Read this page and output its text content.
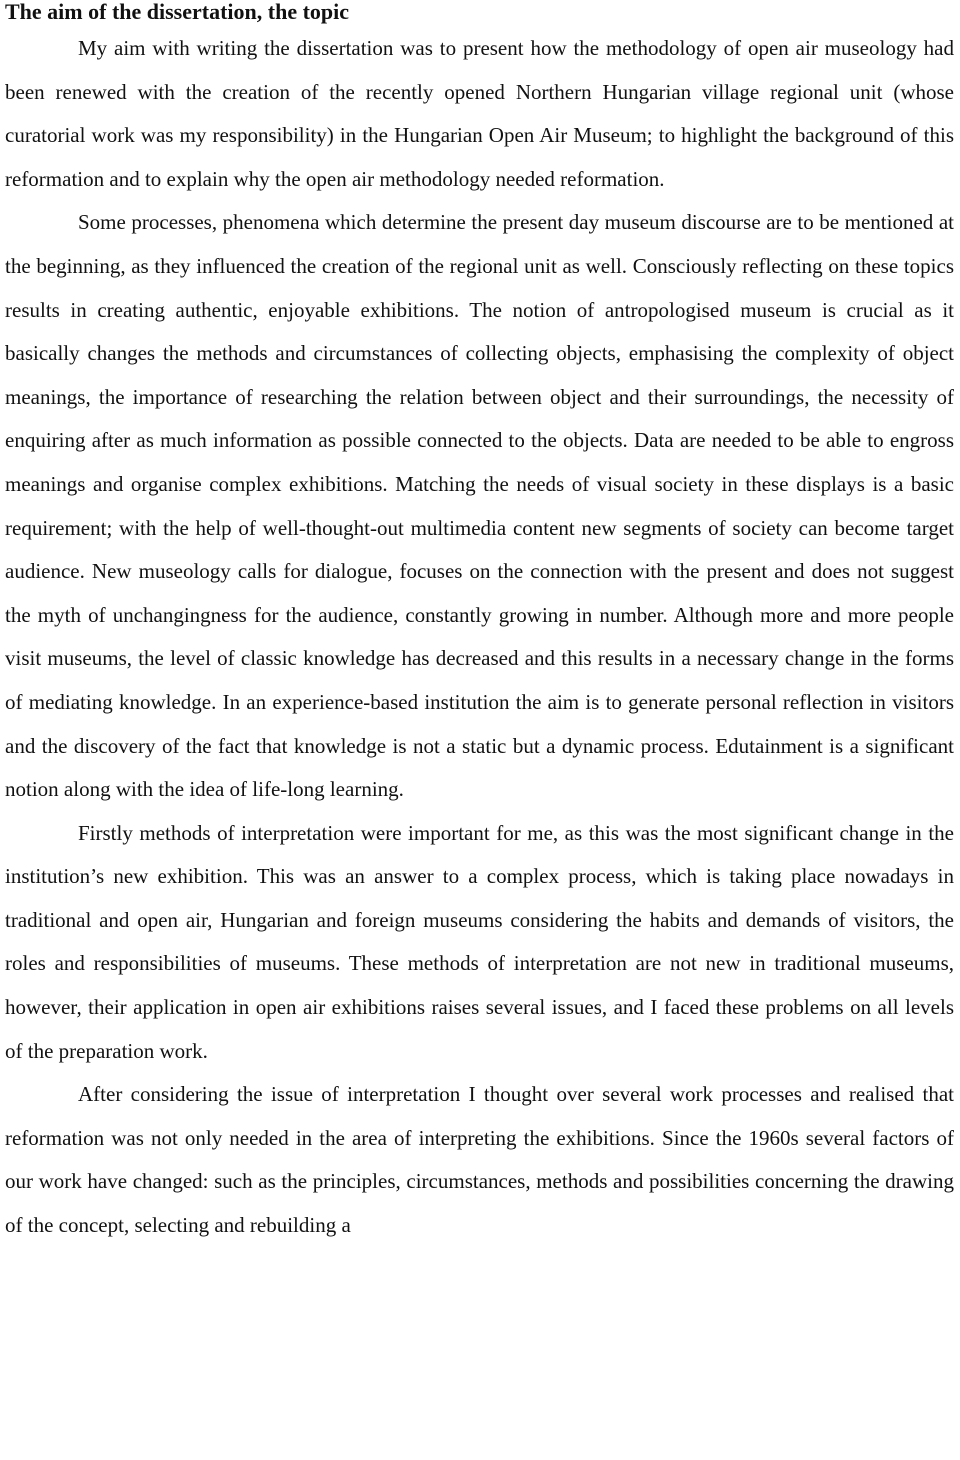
The aim of the dissertation, the topic

My aim with writing the dissertation was to present how the methodology of open air museology had been renewed with the creation of the recently opened Northern Hungarian village regional unit (whose curatorial work was my responsibility) in the Hungarian Open Air Museum; to highlight the background of this reformation and to explain why the open air methodology needed reformation.

Some processes, phenomena which determine the present day museum discourse are to be mentioned at the beginning, as they influenced the creation of the regional unit as well. Consciously reflecting on these topics results in creating authentic, enjoyable exhibitions. The notion of antropologised museum is crucial as it basically changes the methods and circumstances of collecting objects, emphasising the complexity of object meanings, the importance of researching the relation between object and their surroundings, the necessity of enquiring after as much information as possible connected to the objects. Data are needed to be able to engross meanings and organise complex exhibitions. Matching the needs of visual society in these displays is a basic requirement; with the help of well-thought-out multimedia content new segments of society can become target audience. New museology calls for dialogue, focuses on the connection with the present and does not suggest the myth of unchangingness for the audience, constantly growing in number. Although more and more people visit museums, the level of classic knowledge has decreased and this results in a necessary change in the forms of mediating knowledge. In an experience-based institution the aim is to generate personal reflection in visitors and the discovery of the fact that knowledge is not a static but a dynamic process. Edutainment is a significant notion along with the idea of life-long learning.

Firstly methods of interpretation were important for me, as this was the most significant change in the institution’s new exhibition. This was an answer to a complex process, which is taking place nowadays in traditional and open air, Hungarian and foreign museums considering the habits and demands of visitors, the roles and responsibilities of museums. These methods of interpretation are not new in traditional museums, however, their application in open air exhibitions raises several issues, and I faced these problems on all levels of the preparation work.

After considering the issue of interpretation I thought over several work processes and realised that reformation was not only needed in the area of interpreting the exhibitions. Since the 1960s several factors of our work have changed: such as the principles, circumstances, methods and possibilities concerning the drawing of the concept, selecting and rebuilding a
